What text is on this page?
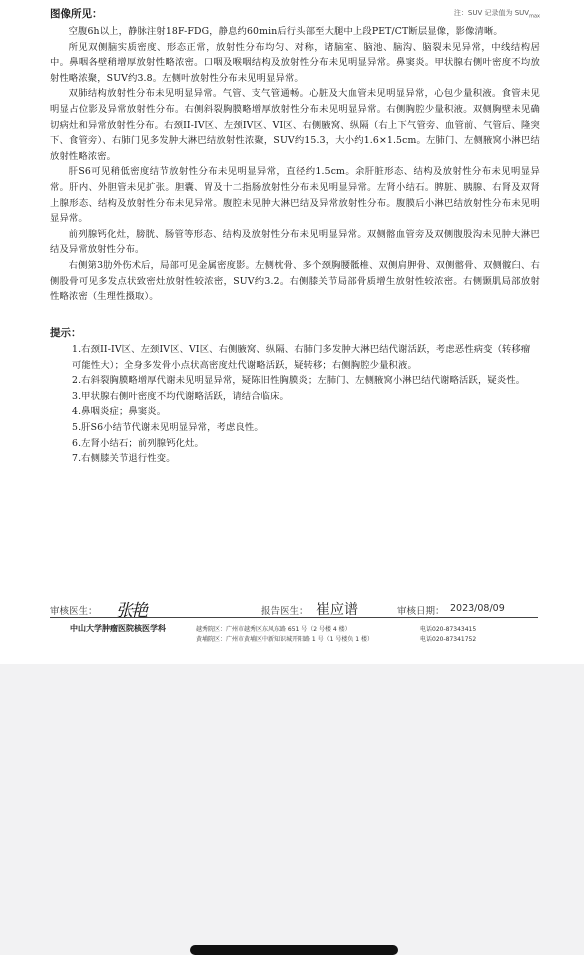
图像所见：	注：SUV 记录值为 $SUV_{max}$

空腹6h以上，静脉注射18F-FDG，静息约60min后行头部至大腿中上段PET/CT断层显像，影像清晰。

所见双侧脑实质密度、形态正常，放射性分布均匀、对称，诸脑室、脑池、脑沟、脑裂未见异常，中线结构居中。鼻咽各壁稍增厚放射性略浓密。口咽及喉咽结构及放射性分布未见明显异常。鼻窦炎。甲状腺右侧叶密度不均放射性略浓聚，SUV约3.8。左侧叶放射性分布未见明显异常。

双肺结构放射性分布未见明显异常。气管、支气管通畅。心脏及大血管未见明显异常，心包少量积液。食管未见明显占位影及异常放射性分布。右侧斜裂胸膜略增厚放射性分布未见明显异常。右侧胸腔少量积液。双侧胸壁未见确切病灶和异常放射性分布。右颈II-IV区、左颈IV区、VI区、右侧腋窝、纵隔（右上下气管旁、血管前、气管后、隆突下、食管旁）、右肺门见多发肿大淋巴结放射性浓聚，SUV约15.3，大小约1.6×1.5cm。左肺门、左侧腋窝小淋巴结放射性略浓密。

肝S6可见稍低密度结节放射性分布未见明显异常，直径约1.5cm。余肝脏形态、结构及放射性分布未见明显异常。肝内、外胆管未见扩张。胆囊、胃及十二指肠放射性分布未见明显异常。左肾小结石。脾脏、胰腺、右肾及双肾上腺形态、结构及放射性分布未见异常。腹腔未见肿大淋巴结及异常放射性分布。腹膜后小淋巴结放射性分布未见明显异常。

前列腺钙化灶，膀胱、肠管等形态、结构及放射性分布未见明显异常。双侧髂血管旁及双侧腹股沟未见肿大淋巴结及异常放射性分布。

右侧第3肋外伤术后，局部可见金属密度影。左侧枕骨、多个颈胸腰骶椎、双侧肩胛骨、双侧髂骨、双侧髋臼、右侧股骨可见多发点状致密灶放射性较浓密，SUV约3.2。右侧膝关节局部骨质增生放射性较浓密。右侧颞肌局部放射性略浓密（生理性摄取）。

提示：

1.右颈II-IV区、左颈IV区、VI区、右侧腋窝、纵隔、右肺门多发肿大淋巴结代谢活跃，考虑恶性病变（转移瘤可能性大）；全身多发骨小点状高密度灶代谢略活跃，疑转移；右侧胸腔少量积液。

2.右斜裂胸膜略增厚代谢未见明显异常，疑陈旧性胸膜炎；左肺门、左侧腋窝小淋巴结代谢略活跃，疑炎性。

3.甲状腺右侧叶密度不均代谢略活跃，请结合临床。

4.鼻咽炎症；鼻窦炎。

5.肝S6小结节代谢未见明显异常，考虑良性。

6.左肾小结石；前列腺钙化灶。

7.右侧膝关节退行性变。

审核医生： 张艳	报告医生： 崔应谱	审核日期： 2023/08/09
中山大学肿瘤医院核医学科	越秀院区：广州市越秀区东风东路 651 号（2 号楼 4 楼）
黄埔院区：广州市黄埔区中新知识城开阳路 1 号（1 号楼负 1 楼）
电话020-87343415
电话020-87341752
